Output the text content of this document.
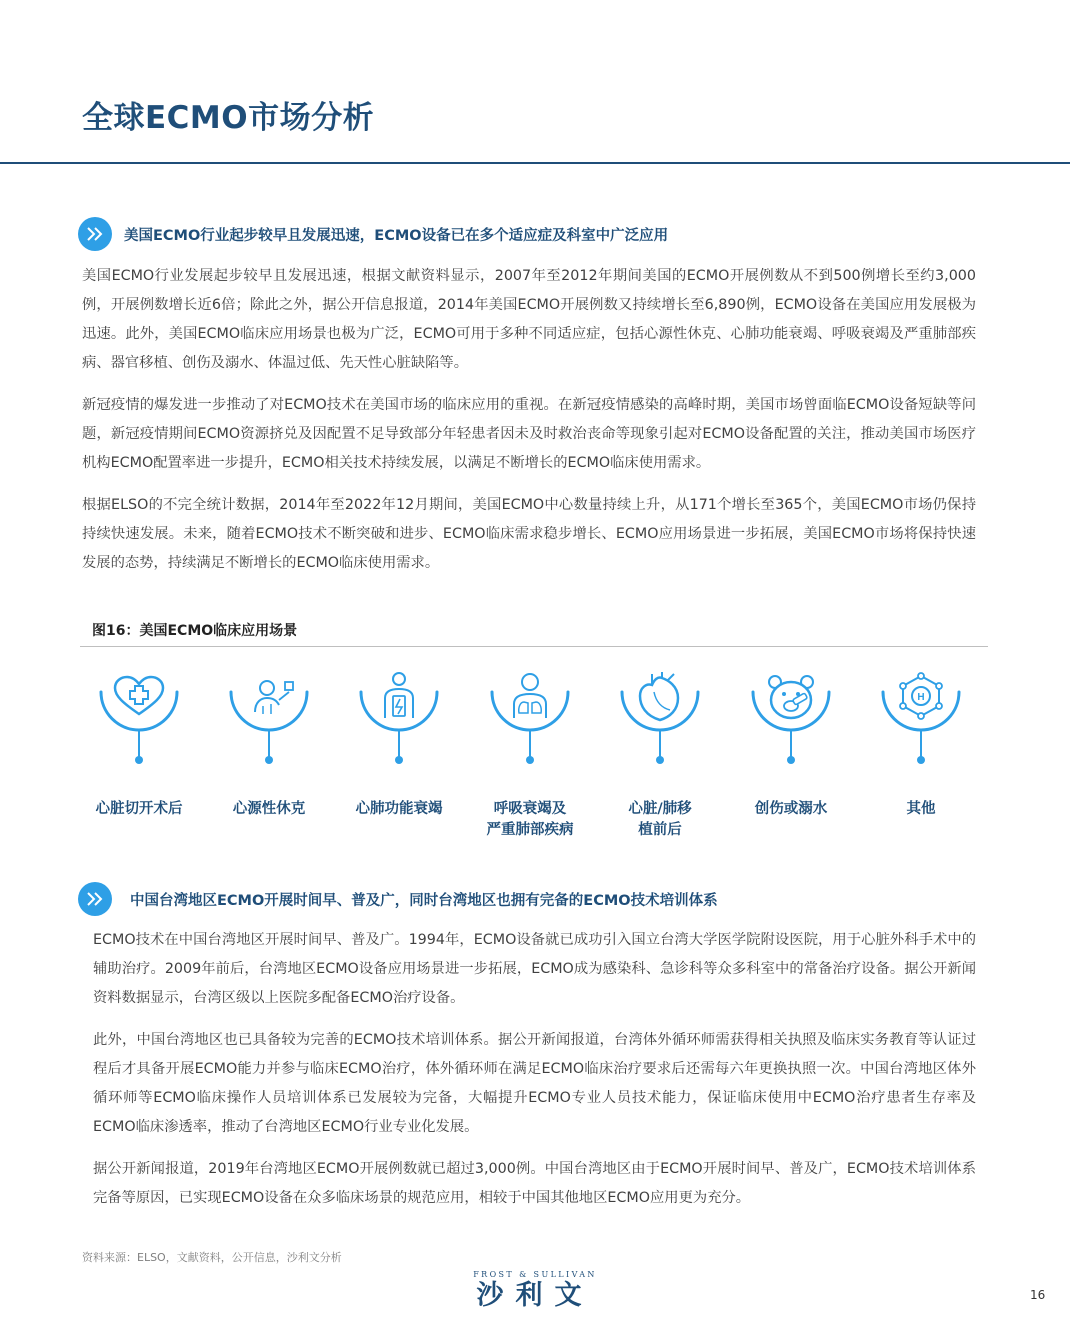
全球ECMO市场分析
美国ECMO行业起步较早且发展迅速，ECMO设备已在多个适应症及科室中广泛应用

美国ECMO行业发展起步较早且发展迅速，根据文献资料显示，2007年至2012年期间美国的ECMO开展例数从不到500例增长至约3,000例，开展例数增长近6倍；除此之外，据公开信息报道，2014年美国ECMO开展例数又持续增长至6,890例，ECMO设备在美国应用发展极为迅速。此外，美国ECMO临床应用场景也极为广泛，ECMO可用于多种不同适应症，包括心源性休克、心肺功能衰竭、呼吸衰竭及严重肺部疾病、器官移植、创伤及溺水、体温过低、先天性心脏缺陷等。

新冠疫情的爆发进一步推动了对ECMO技术在美国市场的临床应用的重视。在新冠疫情感染的高峰时期，美国市场曾面临ECMO设备短缺等问题，新冠疫情期间ECMO资源挤兑及因配置不足导致部分年轻患者因未及时救治丧命等现象引起对ECMO设备配置的关注，推动美国市场医疗机构ECMO配置率进一步提升，ECMO相关技术持续发展，以满足不断增长的ECMO临床使用需求。

根据ELSO的不完全统计数据，2014年至2022年12月期间，美国ECMO中心数量持续上升，从171个增长至365个，美国ECMO市场仍保持持续快速发展。未来，随着ECMO技术不断突破和进步、ECMO临床需求稳步增长、ECMO应用场景进一步拓展，美国ECMO市场将保持快速发展的态势，持续满足不断增长的ECMO临床使用需求。

图16：美国ECMO临床应用场景
H
心脏切开术后	心源性休克	心肺功能衰竭	呼吸衰竭及
严重肺部疾病
心脏/肺移
植前后
创伤或溺水	其他
中国台湾地区ECMO开展时间早、普及广，同时台湾地区也拥有完备的ECMO技术培训体系

ECMO技术在中国台湾地区开展时间早、普及广。1994年，ECMO设备就已成功引入国立台湾大学医学院附设医院，用于心脏外科手术中的辅助治疗。2009年前后，台湾地区ECMO设备应用场景进一步拓展，ECMO成为感染科、急诊科等众多科室中的常备治疗设备。据公开新闻资料数据显示，台湾区级以上医院多配备ECMO治疗设备。

此外，中国台湾地区也已具备较为完善的ECMO技术培训体系。据公开新闻报道，台湾体外循环师需获得相关执照及临床实务教育等认证过程后才具备开展ECMO能力并参与临床ECMO治疗，体外循环师在满足ECMO临床治疗要求后还需每六年更换执照一次。中国台湾地区体外循环师等ECMO临床操作人员培训体系已发展较为完备，大幅提升ECMO专业人员技术能力，保证临床使用中ECMO治疗患者生存率及ECMO临床渗透率，推动了台湾地区ECMO行业专业化发展。

据公开新闻报道，2019年台湾地区ECMO开展例数就已超过3,000例。中国台湾地区由于ECMO开展时间早、普及广，ECMO技术培训体系完备等原因，已实现ECMO设备在众多临床场景的规范应用，相较于中国其他地区ECMO应用更为充分。

资料来源：ELSO，文献资料，公开信息，沙利文分析
FROST & SULLIVAN
沙利文	16
